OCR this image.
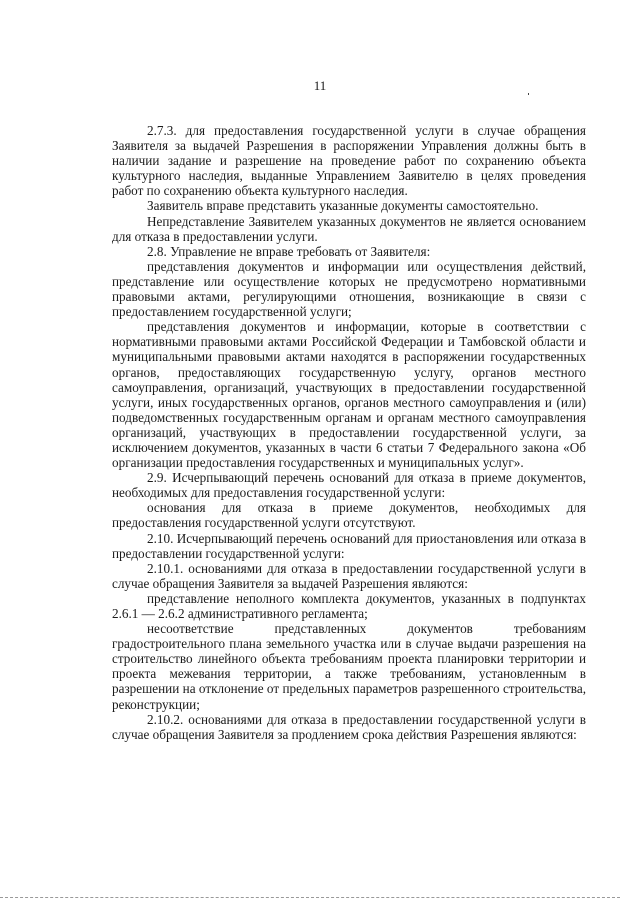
11

2.7.3. для предоставления государственной услуги в случае обращения Заявителя за выдачей Разрешения в распоряжении Управления должны быть в наличии задание и разрешение на проведение работ по сохранению объекта культурного наследия, выданные Управлением Заявителю в целях проведения работ по сохранению объекта культурного наследия.

Заявитель вправе представить указанные документы самостоятельно.

Непредставление Заявителем указанных документов не является основанием для отказа в предоставлении услуги.

2.8. Управление не вправе требовать от Заявителя:

представления документов и информации или осуществления действий, представление или осуществление которых не предусмотрено нормативными правовыми актами, регулирующими отношения, возникающие в связи с предоставлением государственной услуги;

представления документов и информации, которые в соответствии с нормативными правовыми актами Российской Федерации и Тамбовской области и муниципальными правовыми актами находятся в распоряжении государственных органов, предоставляющих государственную услугу, органов местного самоуправления, организаций, участвующих в предоставлении государственной услуги, иных государственных органов, органов местного самоуправления и (или) подведомственных государственным органам и органам местного самоуправления организаций, участвующих в предоставлении государственной услуги, за исключением документов, указанных в части 6 статьи 7 Федерального закона «Об организации предоставления государственных и муниципальных услуг».

2.9. Исчерпывающий перечень оснований для отказа в приеме документов, необходимых для предоставления государственной услуги:

основания для отказа в приеме документов, необходимых для предоставления государственной услуги отсутствуют.

2.10. Исчерпывающий перечень оснований для приостановления или отказа в предоставлении государственной услуги:

2.10.1. основаниями для отказа в предоставлении государственной услуги в случае обращения Заявителя за выдачей Разрешения являются:

представление неполного комплекта документов, указанных в подпунктах 2.6.1 — 2.6.2 административного регламента;

несоответствие представленных документов требованиям градостроительного плана земельного участка или в случае выдачи разрешения на строительство линейного объекта требованиям проекта планировки территории и проекта межевания территории, а также требованиям, установленным в разрешении на отклонение от предельных параметров разрешенного строительства, реконструкции;

2.10.2. основаниями для отказа в предоставлении государственной услуги в случае обращения Заявителя за продлением срока действия Разрешения являются:
